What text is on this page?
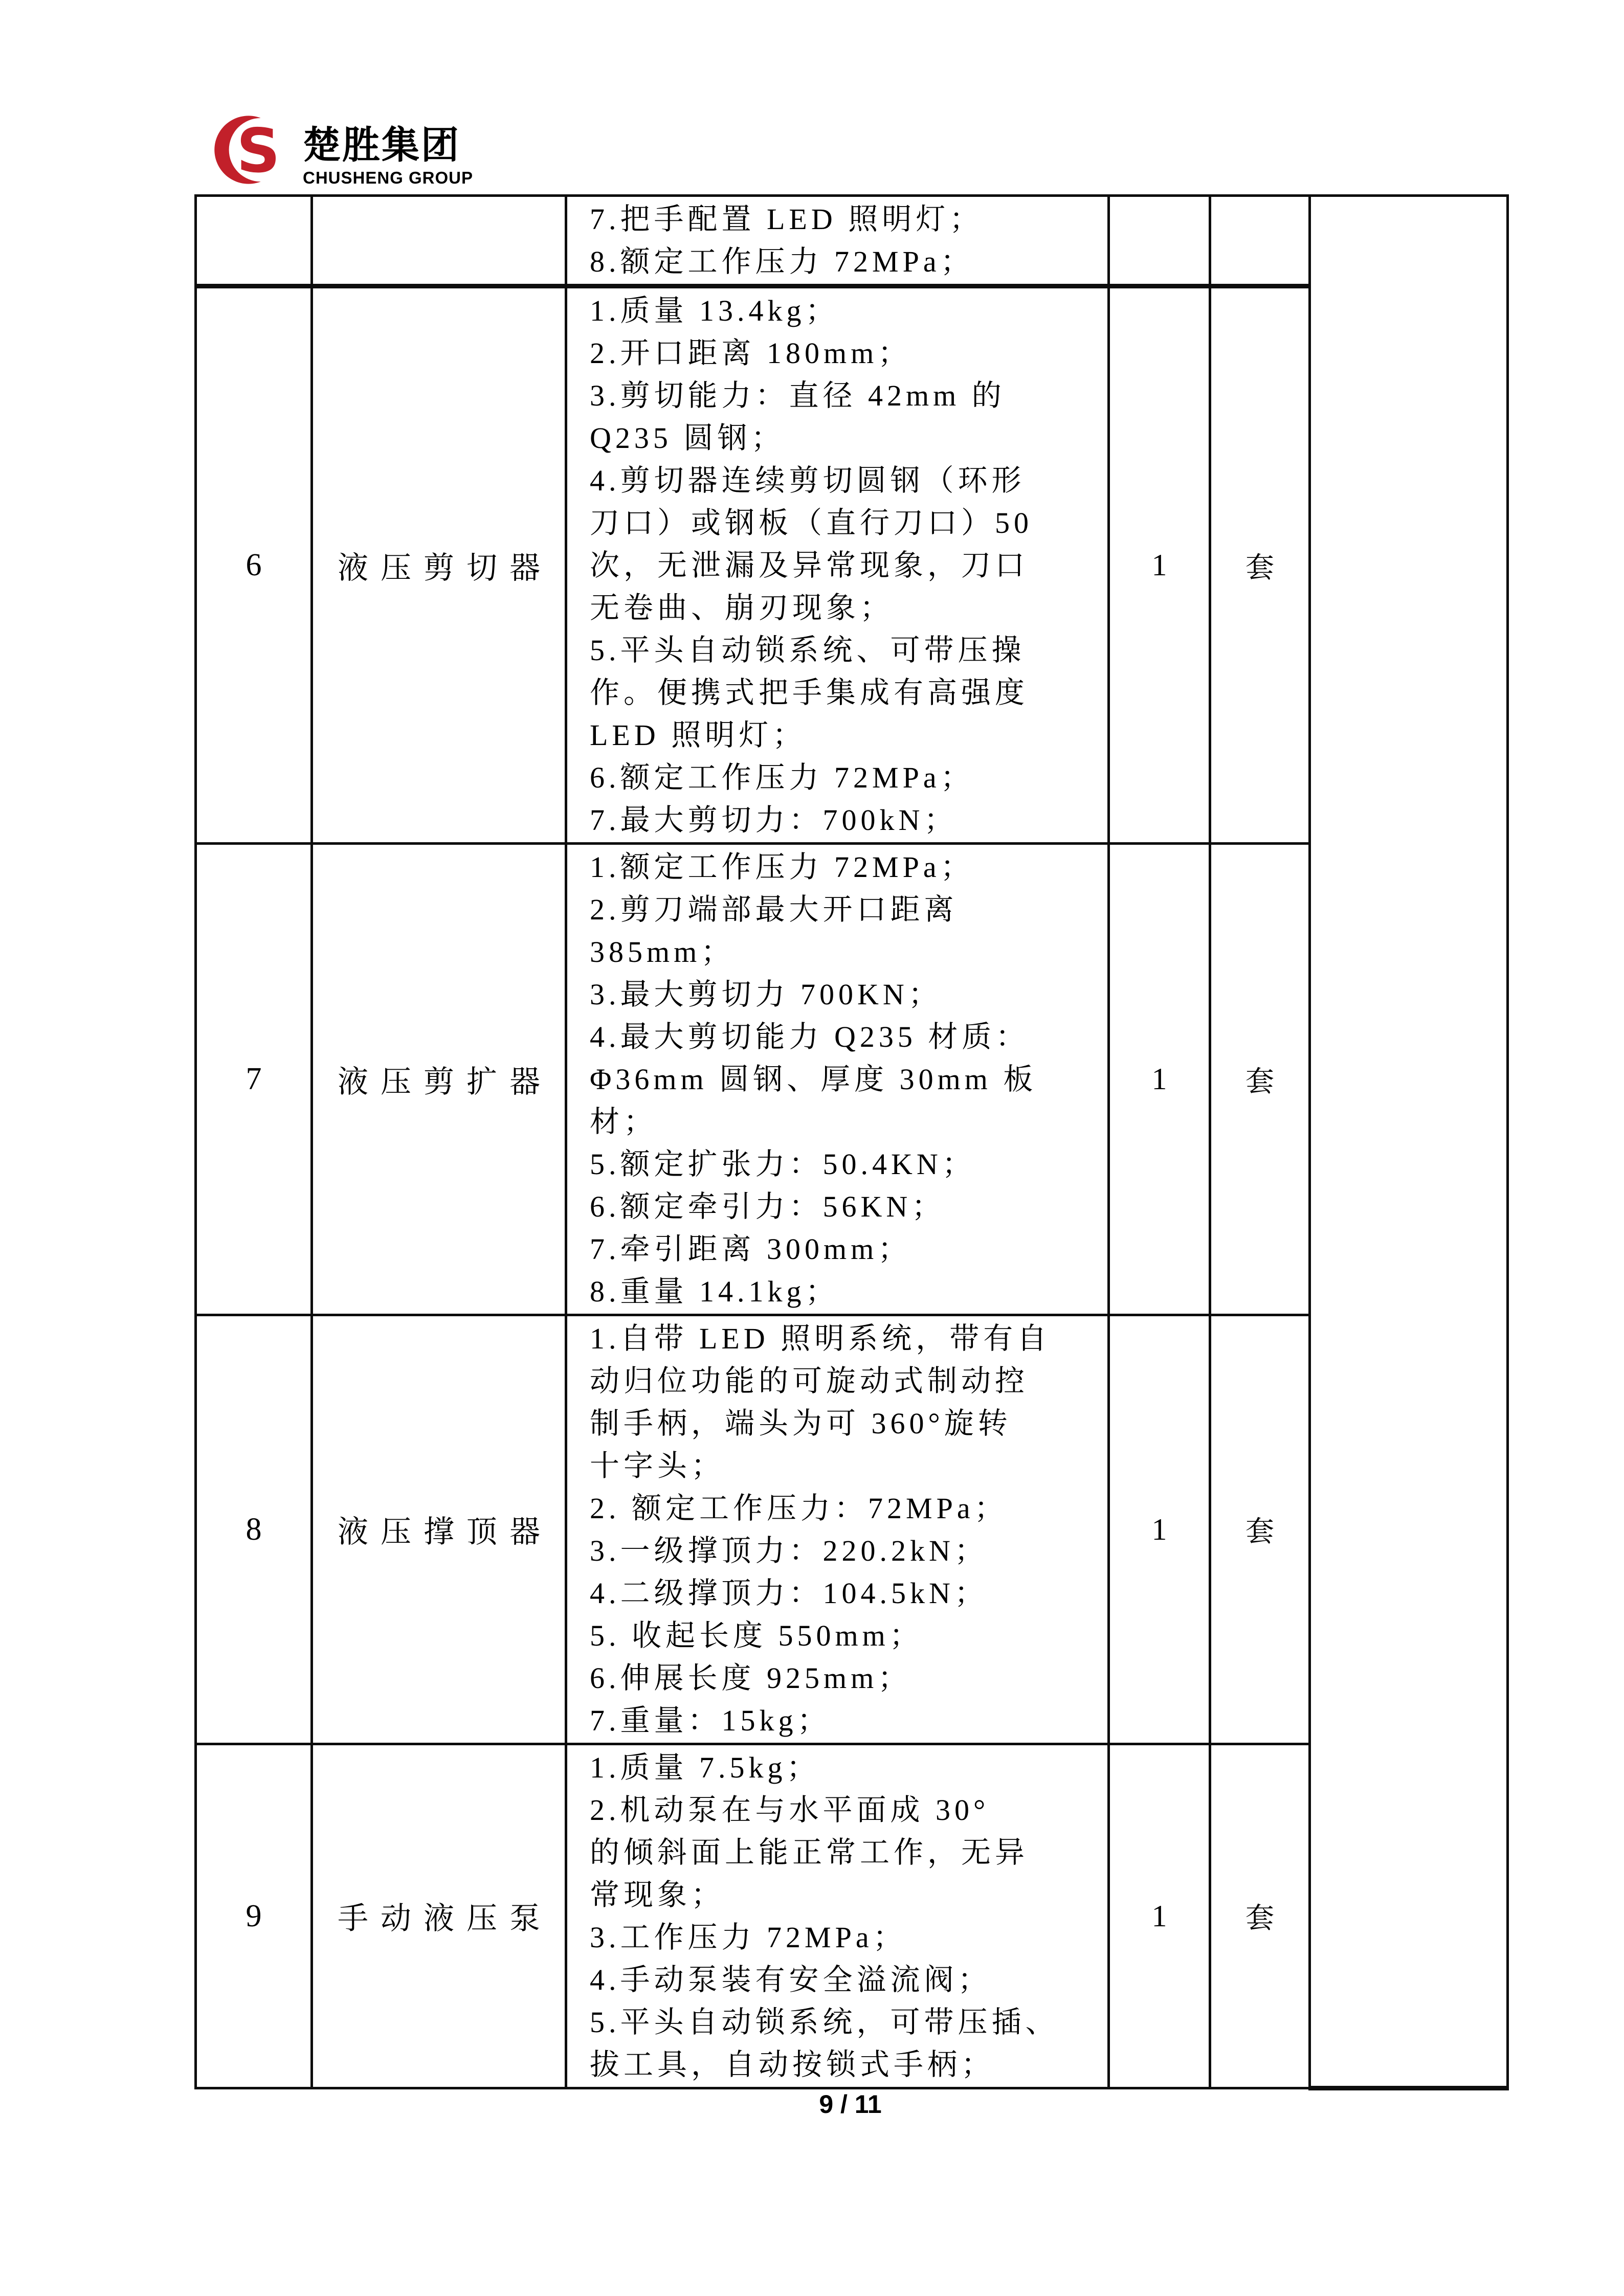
S 楚胜集团
CHUSHENG GROUP

		7.把手配置 LED 照明灯；
8.额定工作压力 72MPa；			

6	液压剪切器	
1.质量 13.4kg；
2.开口距离 180mm；
3.剪切能力：直径 42mm 的
Q235 圆钢；
4.剪切器连续剪切圆钢（环形
刀口）或钢板（直行刀口）50
次，无泄漏及异常现象，刀口
无卷曲、崩刃现象；
5.平头自动锁系统、可带压操
作。便携式把手集成有高强度
LED 照明灯；
6.额定工作压力 72MPa；
7.最大剪切力：700kN；
	1	套
7	液压剪扩器	
1.额定工作压力 72MPa；
2.剪刀端部最大开口距离
385mm；
3.最大剪切力 700KN；
4.最大剪切能力 Q235 材质：
Φ36mm 圆钢、厚度 30mm 板
材；
5.额定扩张力：50.4KN；
6.额定牵引力：56KN；
7.牵引距离 300mm；
8.重量 14.1kg；
	1	套
8	液压撑顶器	
1.自带 LED 照明系统，带有自
动归位功能的可旋动式制动控
制手柄，端头为可 360°旋转
十字头；
2. 额定工作压力：72MPa；
3.一级撑顶力：220.2kN；
4.二级撑顶力：104.5kN；
5. 收起长度 550mm；
6.伸展长度 925mm；
7.重量：15kg；
	1	套
9	手动液压泵	
1.质量 7.5kg；
2.机动泵在与水平面成 30°
的倾斜面上能正常工作，无异
常现象；
3.工作压力 72MPa；
4.手动泵装有安全溢流阀；
5.平头自动锁系统，可带压插、
拔工具，自动按锁式手柄；
	1	套
9 / 11
